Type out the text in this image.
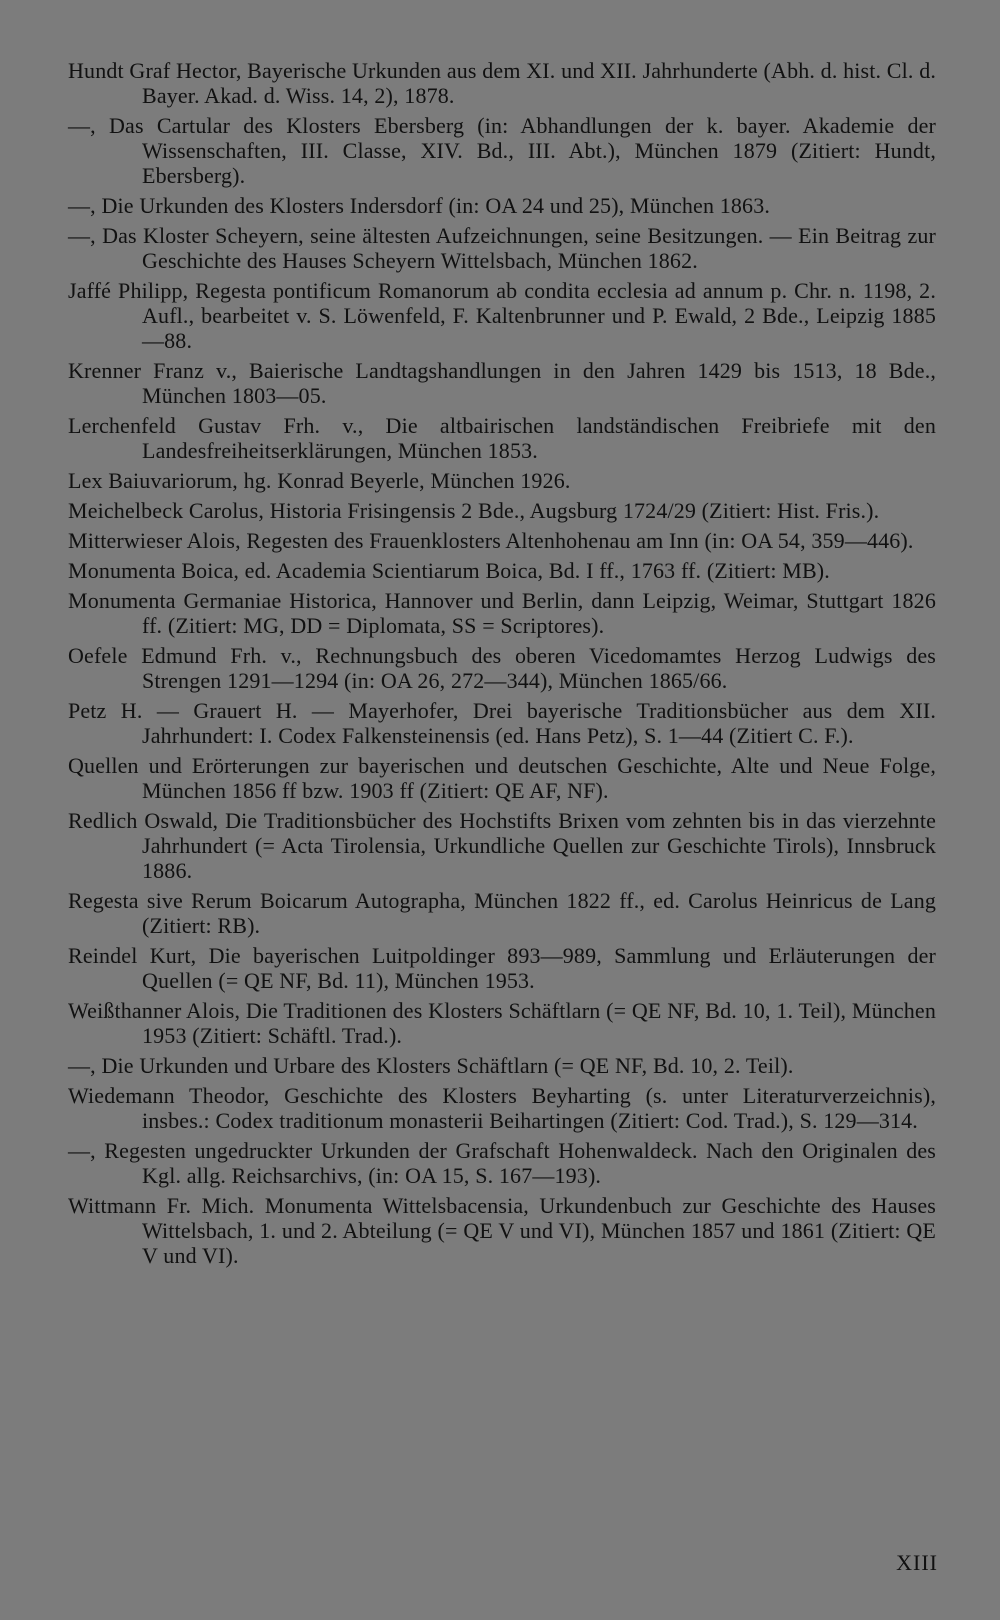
Hundt Graf Hector, Bayerische Urkunden aus dem XI. und XII. Jahrhunderte (Abh. d. hist. Cl. d. Bayer. Akad. d. Wiss. 14, 2), 1878.

—, Das Cartular des Klosters Ebersberg (in: Abhandlungen der k. bayer. Akademie der Wissenschaften, III. Classe, XIV. Bd., III. Abt.), München 1879 (Zitiert: Hundt, Ebersberg).

—, Die Urkunden des Klosters Indersdorf (in: OA 24 und 25), München 1863.

—, Das Kloster Scheyern, seine ältesten Aufzeichnungen, seine Besitzungen. — Ein Beitrag zur Geschichte des Hauses Scheyern Wittelsbach, München 1862.

Jaffé Philipp, Regesta pontificum Romanorum ab condita ecclesia ad annum p. Chr. n. 1198, 2. Aufl., bearbeitet v. S. Löwenfeld, F. Kaltenbrunner und P. Ewald, 2 Bde., Leipzig 1885—88.

Krenner Franz v., Baierische Landtagshandlungen in den Jahren 1429 bis 1513, 18 Bde., München 1803—05.

Lerchenfeld Gustav Frh. v., Die altbairischen landständischen Freibriefe mit den Landesfreiheitserklärungen, München 1853.

Lex Baiuvariorum, hg. Konrad Beyerle, München 1926.

Meichelbeck Carolus, Historia Frisingensis 2 Bde., Augsburg 1724/29 (Zitiert: Hist. Fris.).

Mitterwieser Alois, Regesten des Frauenklosters Altenhohenau am Inn (in: OA 54, 359—446).

Monumenta Boica, ed. Academia Scientiarum Boica, Bd. I ff., 1763 ff. (Zitiert: MB).

Monumenta Germaniae Historica, Hannover und Berlin, dann Leipzig, Weimar, Stuttgart 1826 ff. (Zitiert: MG, DD = Diplomata, SS = Scriptores).

Oefele Edmund Frh. v., Rechnungsbuch des oberen Vicedomamtes Herzog Ludwigs des Strengen 1291—1294 (in: OA 26, 272—344), München 1865/66.

Petz H. — Grauert H. — Mayerhofer, Drei bayerische Traditionsbücher aus dem XII. Jahrhundert: I. Codex Falkensteinensis (ed. Hans Petz), S. 1—44 (Zitiert C. F.).

Quellen und Erörterungen zur bayerischen und deutschen Geschichte, Alte und Neue Folge, München 1856 ff bzw. 1903 ff (Zitiert: QE AF, NF).

Redlich Oswald, Die Traditionsbücher des Hochstifts Brixen vom zehnten bis in das vierzehnte Jahrhundert (= Acta Tirolensia, Urkundliche Quellen zur Geschichte Tirols), Innsbruck 1886.

Regesta sive Rerum Boicarum Autographa, München 1822 ff., ed. Carolus Heinricus de Lang (Zitiert: RB).

Reindel Kurt, Die bayerischen Luitpoldinger 893—989, Sammlung und Erläuterungen der Quellen (= QE NF, Bd. 11), München 1953.

Weißthanner Alois, Die Traditionen des Klosters Schäftlarn (= QE NF, Bd. 10, 1. Teil), München 1953 (Zitiert: Schäftl. Trad.).

—, Die Urkunden und Urbare des Klosters Schäftlarn (= QE NF, Bd. 10, 2. Teil).

Wiedemann Theodor, Geschichte des Klosters Beyharting (s. unter Literaturverzeichnis), insbes.: Codex traditionum monasterii Beihartingen (Zitiert: Cod. Trad.), S. 129—314.

—, Regesten ungedruckter Urkunden der Grafschaft Hohenwaldeck. Nach den Originalen des Kgl. allg. Reichsarchivs, (in: OA 15, S. 167—193).

Wittmann Fr. Mich. Monumenta Wittelsbacensia, Urkundenbuch zur Geschichte des Hauses Wittelsbach, 1. und 2. Abteilung (= QE V und VI), München 1857 und 1861 (Zitiert: QE V und VI).

XIII
